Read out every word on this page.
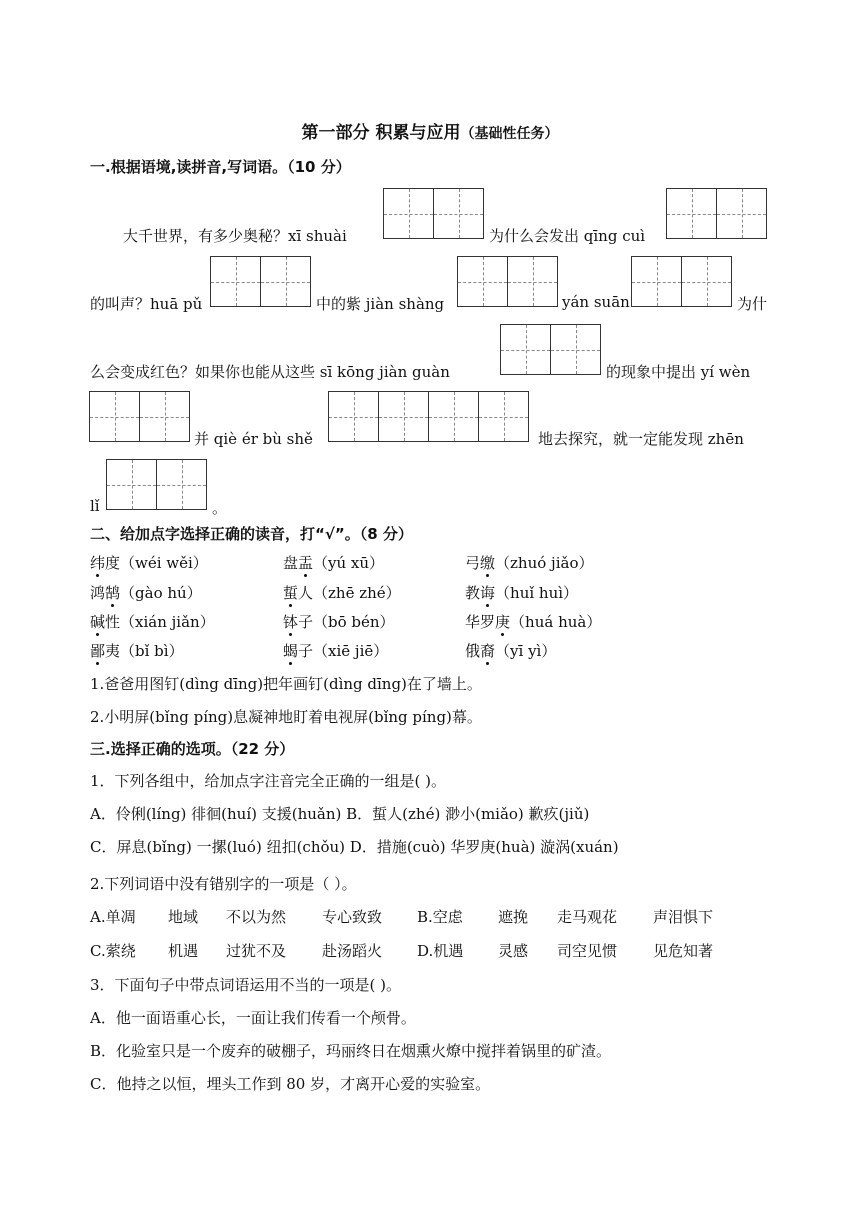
第一部分 积累与应用（基础性任务）
一.根据语境,读拼音,写词语。（10 分）
大千世界，有多少奥秘？xī shuài	为什么会发出 qīng cuì
的叫声？huā pǔ	中的紫 jiàn shàng	yán suān	为什
么会变成红色？如果你也能从这些 sī kōng jiàn guàn	的现象中提出 yí wèn
并 qiè ér bù shě	地去探究，就一定能发现 zhēn
lǐ	。
二、给加点字选择正确的读音，打“√”。（8 分）
纬度（wéi wěi）	盘盂（yú xū）	弓缴（zhuó jiǎo）
鸿鹄（gào hú）	蜇人（zhē zhé）	教诲（huǐ huì）
碱性（xián jiǎn）	钵子（bō bén）	华罗庚（huá huà）
鄙夷（bǐ bì）	蝎子（xiē jiē）	俄裔（yī yì）
1.爸爸用图钉(dìng dīng)把年画钉(dìng dīng)在了墙上。
2.小明屏(bǐng píng)息凝神地盯着电视屏(bǐng píng)幕。
三.选择正确的选项。（22 分）
1．下列各组中，给加点字注音完全正确的一组是( )。
A．伶俐(líng) 徘徊(huí) 支援(huǎn) B．蜇人(zhé) 渺小(miǎo) 歉疚(jiǔ)
C．屏息(bǐng) 一摞(luó) 纽扣(chǒu) D．措施(cuò) 华罗庚(huà) 漩涡(xuán)
2.下列词语中没有错别字的一项是（ ）。
A.单凋	地域	不以为然	专心致致	B.空虑	遮挽	走马观花	声泪惧下
C.萦绕	机遇	过犹不及	赴汤蹈火	D.机遇	灵感	司空见惯	见危知著
3．下面句子中带点词语运用不当的一项是( )。
A．他一面语重心长，一面让我们传看一个颅骨。
B．化验室只是一个废弃的破棚子，玛丽终日在烟熏火燎中搅拌着锅里的矿渣。
C．他持之以恒，埋头工作到 80 岁，才离开心爱的实验室。
